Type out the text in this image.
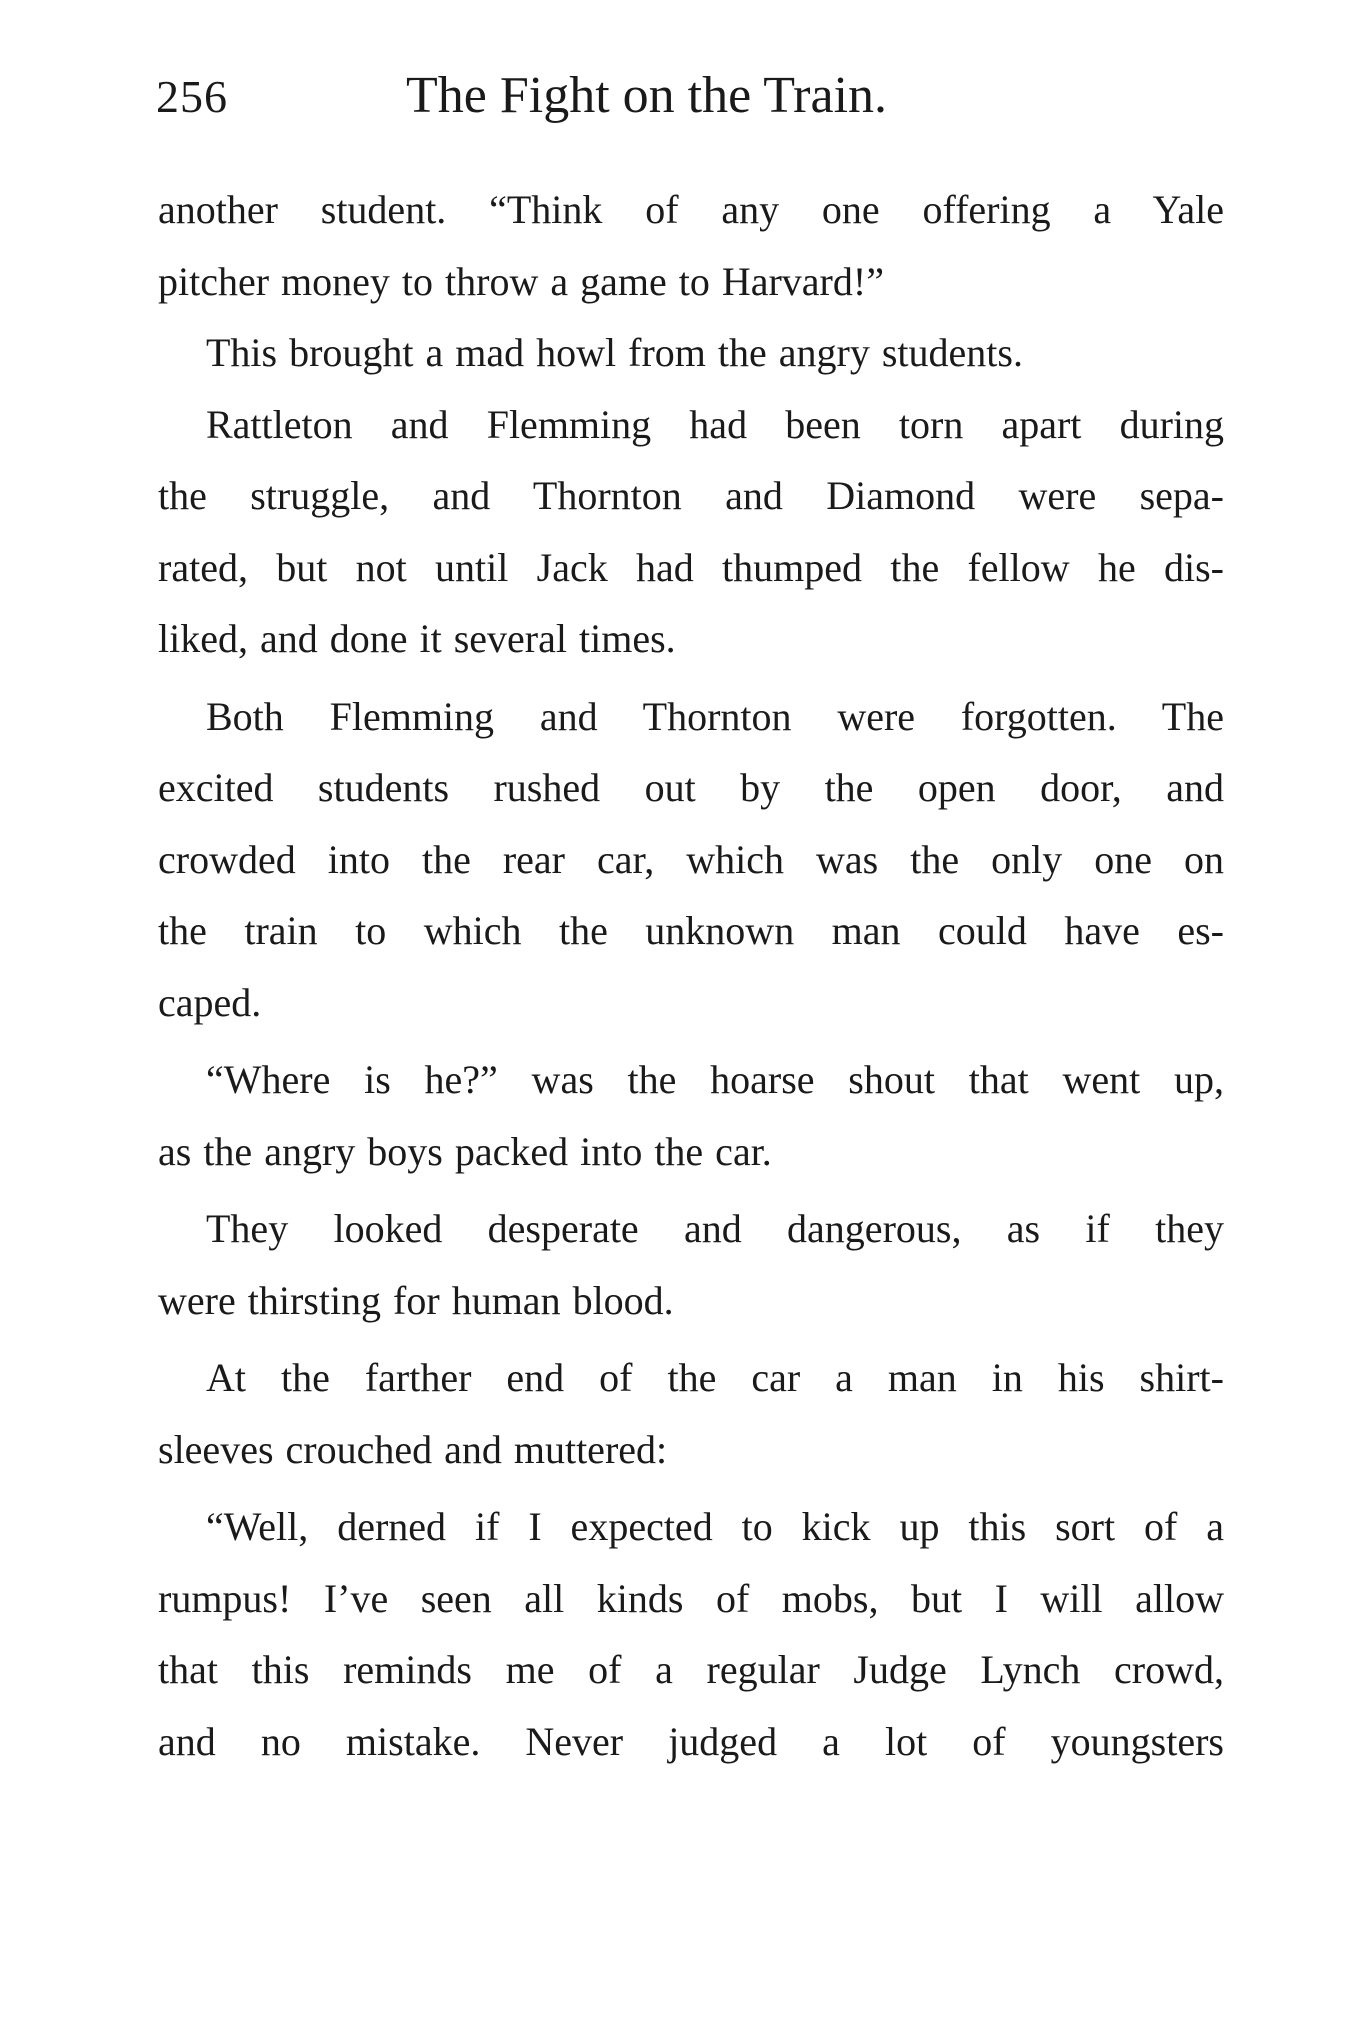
256	The Fight on the Train.
another student. “Think of any one offering a Yale
pitcher money to throw a game to Harvard!”
This brought a mad howl from the angry students.
Rattleton and Flemming had been torn apart during
the struggle, and Thornton and Diamond were sepa-
rated, but not until Jack had thumped the fellow he dis-
liked, and done it several times.
Both Flemming and Thornton were forgotten. The
excited students rushed out by the open door, and
crowded into the rear car, which was the only one on
the train to which the unknown man could have es-
caped.
“Where is he?” was the hoarse shout that went up,
as the angry boys packed into the car.
They looked desperate and dangerous, as if they
were thirsting for human blood.
At the farther end of the car a man in his shirt-
sleeves crouched and muttered:
“Well, derned if I expected to kick up this sort of a
rumpus! I’ve seen all kinds of mobs, but I will allow
that this reminds me of a regular Judge Lynch crowd,
and no mistake. Never judged a lot of youngsters
